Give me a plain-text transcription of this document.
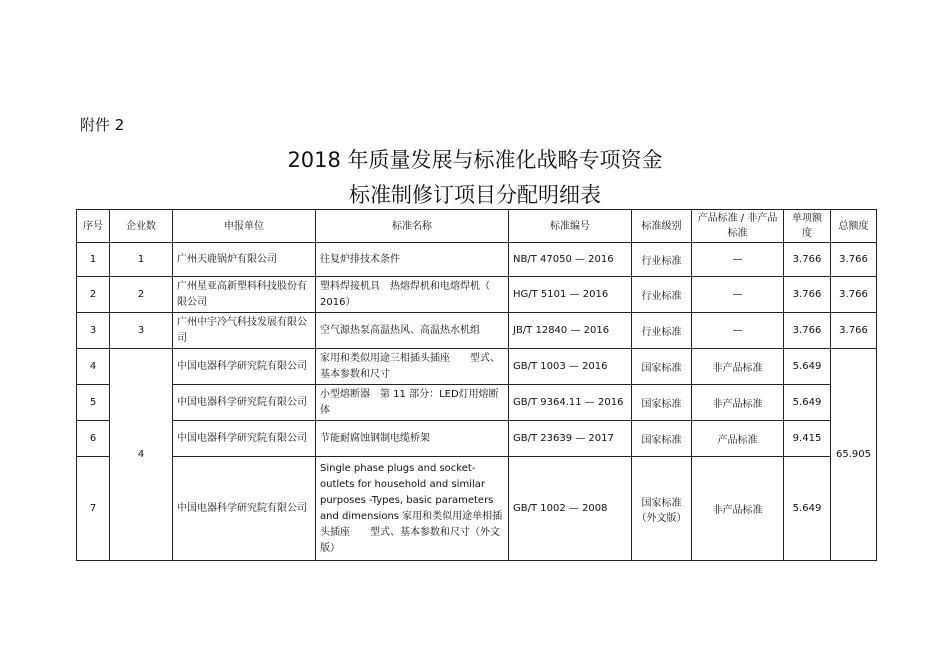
附件 2
2018 年质量发展与标准化战略专项资金
标准制修订项目分配明细表
序号	企业数	申报单位	标准名称	标准编号	标准级别	产品标准 / 非产品标准	单项额度	总额度
1	1	广州天鹿锅炉有限公司	往复炉排技术条件	NB/T 47050 — 2016	行业标准	—	3.766	3.766
2	2	广州星亚高新塑料科技股份有限公司	塑料焊接机具　热熔焊机和电熔焊机（ 2016）	HG/T 5101 — 2016	行业标准	—	3.766	3.766
3	3	广州中宇冷气科技发展有限公司	空气源热泵高温热风、高温热水机组	JB/T 12840 — 2016	行业标准	—	3.766	3.766
4	4	中国电器科学研究院有限公司	家用和类似用途三相插头插座　　型式、基本参数和尺寸	GB/T 1003 — 2016	国家标准	非产品标准	5.649	65.905
5		中国电器科学研究院有限公司	小型熔断器　第 11 部分：LED灯用熔断体	GB/T 9364.11 — 2016	国家标准	非产品标准	5.649	
6		中国电器科学研究院有限公司	节能耐腐蚀钢制电缆桥架	GB/T 23639 — 2017	国家标准	产品标准	9.415	
7		中国电器科学研究院有限公司	Single phase plugs and socket-outlets for household and similar purposes -Types, basic parameters and dimensions 家用和类似用途单相插头插座　　型式、基本参数和尺寸（外文版）	GB/T 1002 — 2008	国家标准（外文版）	非产品标准	5.649	
